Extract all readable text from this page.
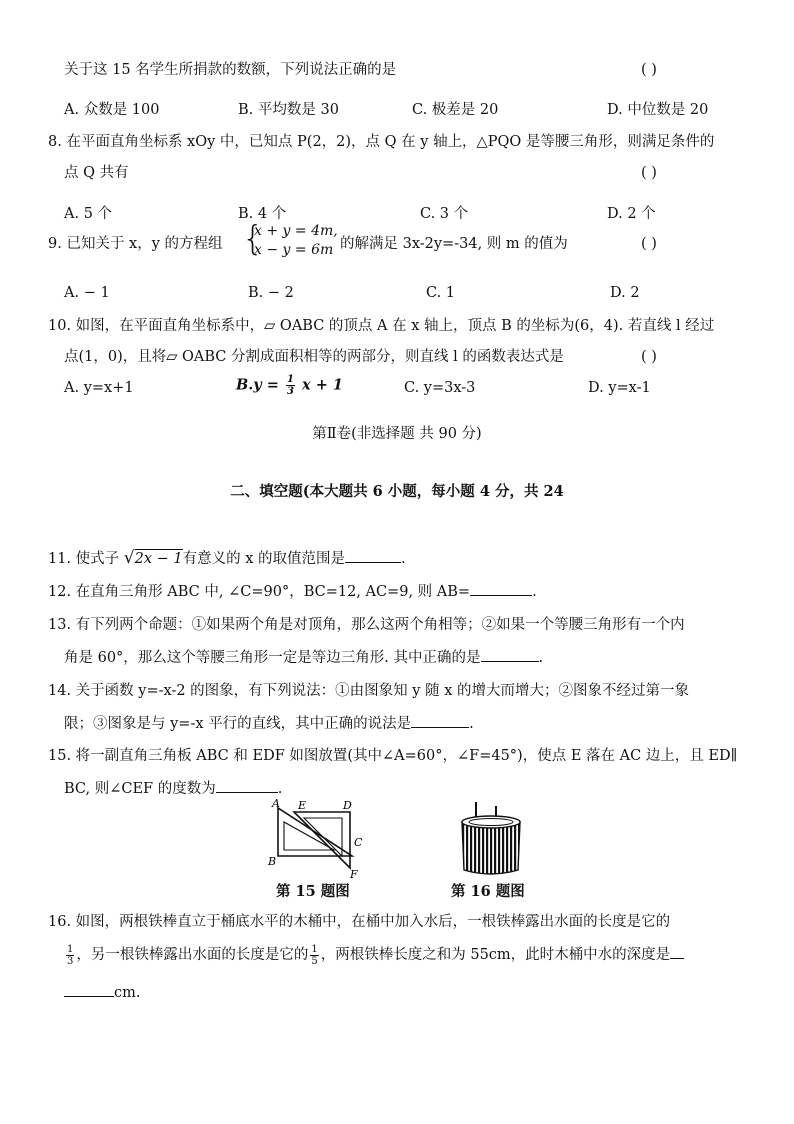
关于这 15 名学生所捐款的数额，下列说法正确的是	( )
A. 众数是 100	B. 平均数是 30	C. 极差是 20	D. 中位数是 20
8. 在平面直角坐标系 xOy 中，已知点 P(2，2)，点 Q 在 y 轴上，△PQO 是等腰三角形，则满足条件的
点 Q 共有	( )
A. 5 个	B. 4 个	C. 3 个	D. 2 个
9. 已知关于 x，y 的方程组 {
x + y = 4m,
x − y = 6m 的解满足 3x-2y=-34, 则 m 的值为	( )
A. − 1	B. − 2	C. 1	D. 2
10. 如图，在平面直角坐标系中，▱ OABC 的顶点 A 在 x 轴上，顶点 B 的坐标为(6，4). 若直线 l 经过
点(1，0)，且将▱ OABC 分割成面积相等的两部分，则直线 l 的函数表达式是	( )
A. y=x+1	$B.y = \frac{1}{3}$ x + 1	C. y=3x-3	D. y=x-1
第Ⅱ卷(非选择题 共 90 分)
二、填空题(本大题共 6 小题，每小题 4 分，共 24
11. 使式子 √2x − 1有意义的 x 的取值范围是	.
12. 在直角三角形 ABC 中, ∠C=90°，BC=12, AC=9, 则 AB=	.
13. 有下列两个命题：①如果两个角是对顶角，那么这两个角相等；②如果一个等腰三角形有一个内
角是 60°，那么这个等腰三角形一定是等边三角形. 其中正确的是	.
14. 关于函数 y=-x-2 的图象，有下列说法：①由图象知 y 随 x 的增大而增大；②图象不经过第一象
限；③图象是与 y=-x 平行的直线，其中正确的说法是	.
15. 将一副直角三角板 ABC 和 EDF 如图放置(其中∠A=60°，∠F=45°)，使点 E 落在 AC 边上，且 ED∥
BC, 则∠CEF 的度数为	.
A E	D
C
B
F
第 15 题图	第 16 题图
16. 如图，两根铁棒直立于桶底水平的木桶中，在桶中加入水后，一根铁棒露出水面的长度是它的
$\frac{1}{3}$ ，另一根铁棒露出水面的长度是它的 $\frac{1}{5}$ ，两根铁棒长度之和为 55cm，此时木桶中水的深度是
cm.
